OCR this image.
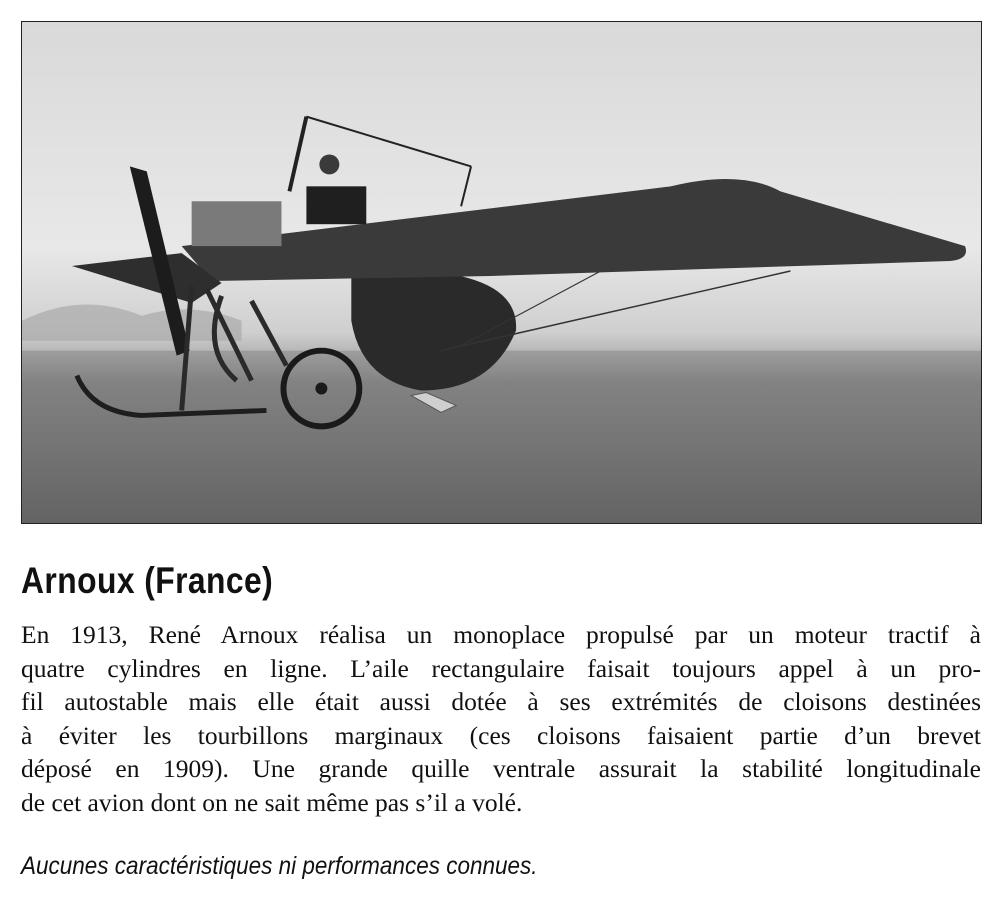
Arnoux (France)

En 1913, René Arnoux réalisa un monoplace propulsé par un moteur tractif à
quatre cylindres en ligne. L’aile rectangulaire faisait toujours appel à un pro-
fil autostable mais elle était aussi dotée à ses extrémités de cloisons destinées
à éviter les tourbillons marginaux (ces cloisons faisaient partie d’un brevet
déposé en 1909). Une grande quille ventrale assurait la stabilité longitudinale
de cet avion dont on ne sait même pas s’il a volé.

Aucunes caractéristiques ni performances connues.
